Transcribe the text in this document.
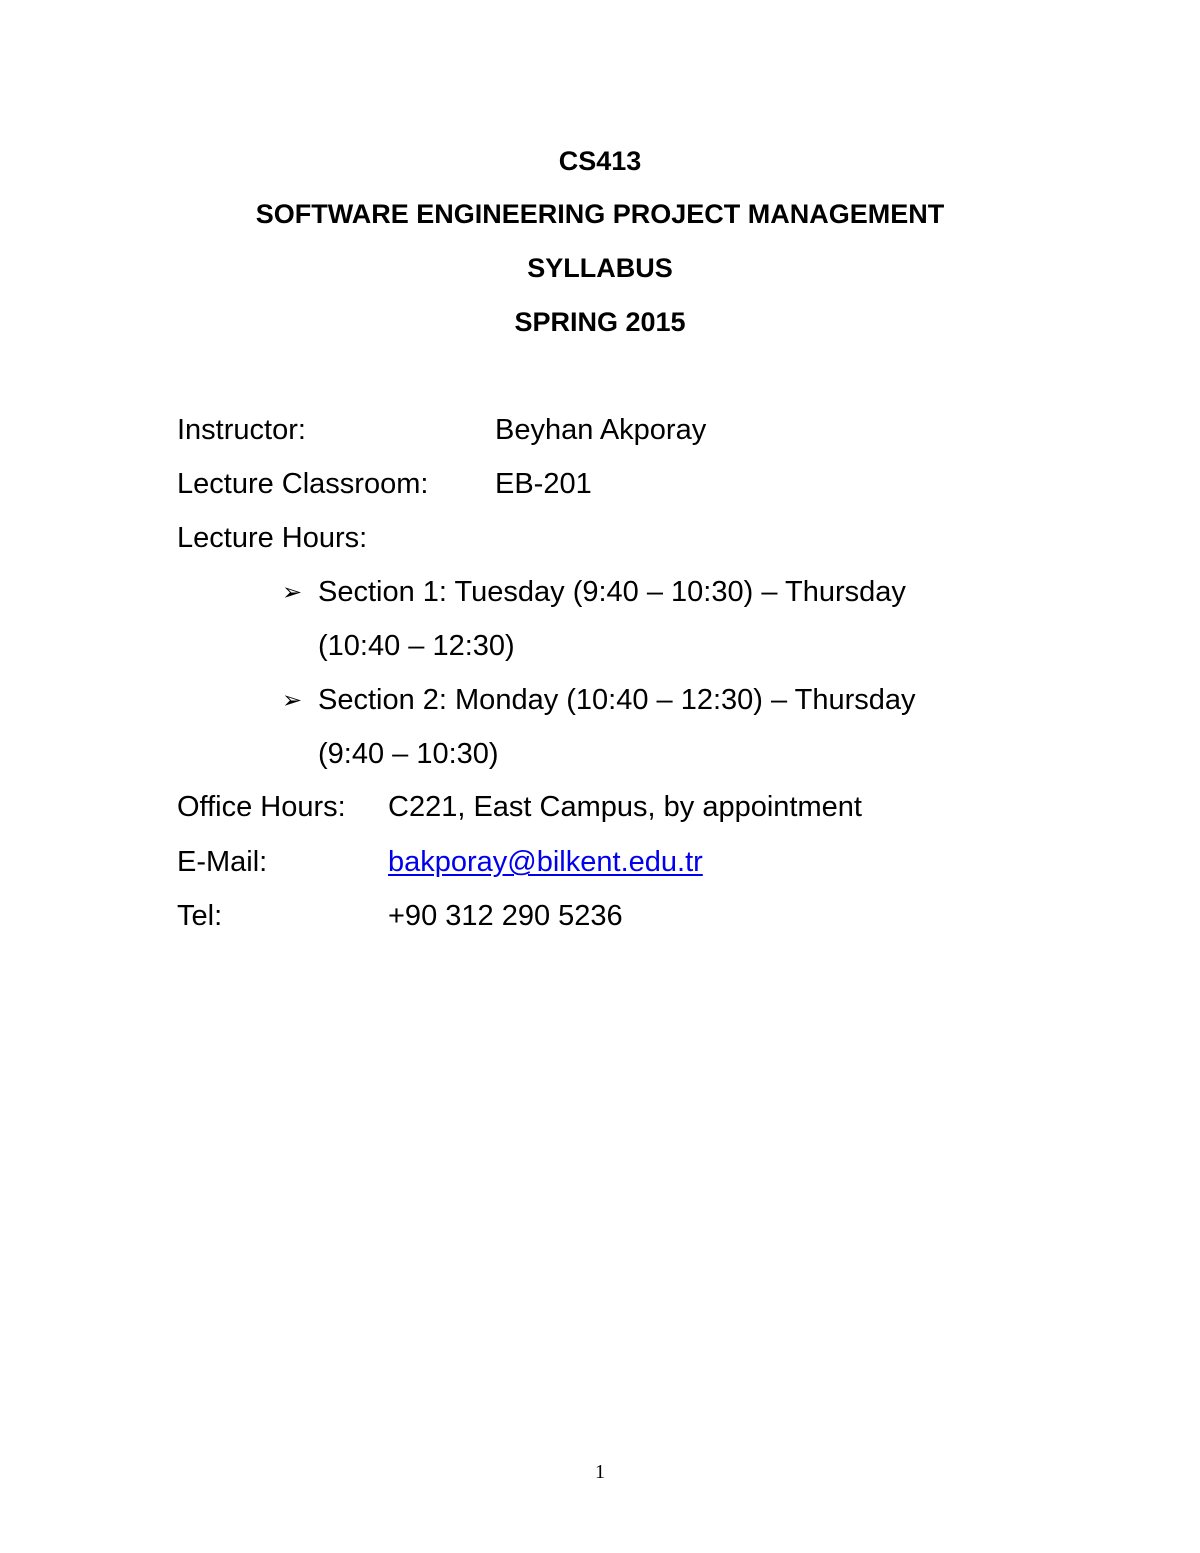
CS413
SOFTWARE ENGINEERING PROJECT MANAGEMENT
SYLLABUS
SPRING 2015
Instructor:	Beyhan Akporay
Lecture Classroom: EB-201
Lecture Hours:
➢ Section 1: Tuesday (9:40 – 10:30) – Thursday
(10:40 – 12:30)
➢ Section 2: Monday (10:40 – 12:30) – Thursday
(9:40 – 10:30)
Office Hours: C221, East Campus, by appointment
E-Mail:	bakporay@bilkent.edu.tr
Tel:	+90 312 290 5236
1
